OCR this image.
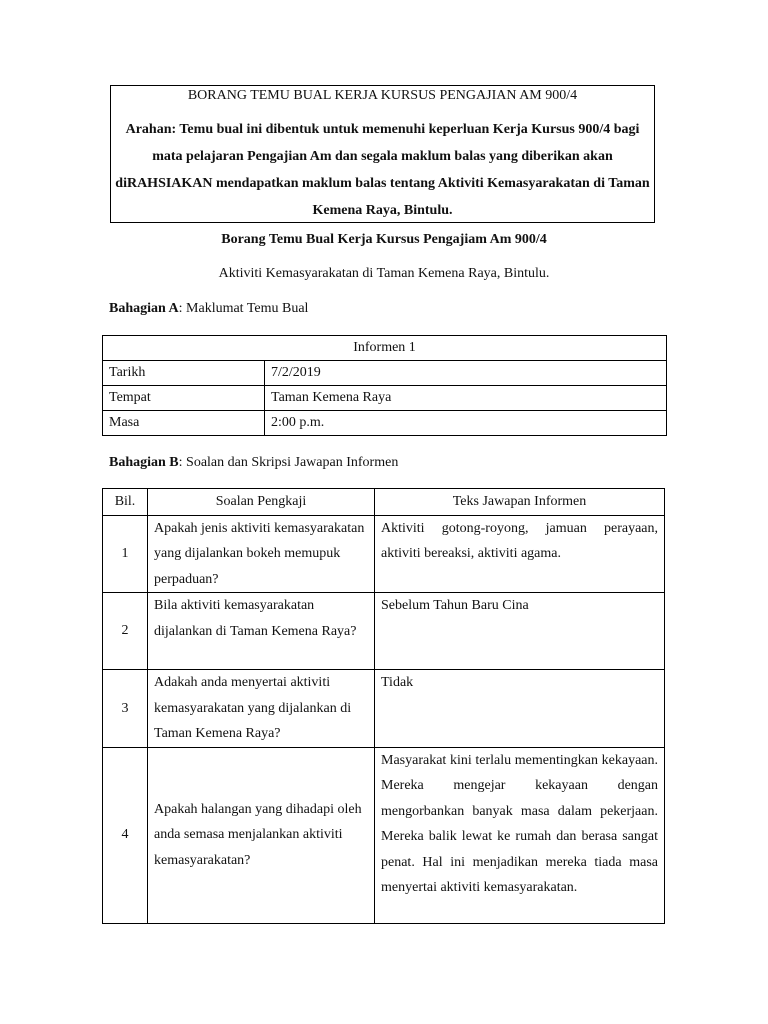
BORANG TEMU BUAL KERJA KURSUS PENGAJIAN AM 900/4
Arahan: Temu bual ini dibentuk untuk memenuhi keperluan Kerja Kursus 900/4 bagi mata pelajaran Pengajian Am dan segala maklum balas yang diberikan akan diRAHSIAKAN mendapatkan maklum balas tentang Aktiviti Kemasyarakatan di Taman Kemena Raya, Bintulu.
Borang Temu Bual Kerja Kursus Pengajiam Am 900/4
Aktiviti Kemasyarakatan di Taman Kemena Raya, Bintulu.
Bahagian A: Maklumat Temu Bual
Informen 1	
Tarikh	7/2/2019
Tempat	Taman Kemena Raya
Masa	2:00 p.m.
Bahagian B: Soalan dan Skripsi Jawapan Informen
Bil.	Soalan Pengkaji	Teks Jawapan Informen
1	Apakah jenis aktiviti kemasyarakatan yang dijalankan bokeh memupuk perpaduan?	Aktiviti gotong-royong, jamuan perayaan, aktiviti bereaksi, aktiviti agama.
2	Bila aktiviti kemasyarakatan dijalankan di Taman Kemena Raya?	Sebelum Tahun Baru Cina
3	Adakah anda menyertai aktiviti kemasyarakatan yang dijalankan di Taman Kemena Raya?	Tidak
4	Apakah halangan yang dihadapi oleh anda semasa menjalankan aktiviti kemasyarakatan?	Masyarakat kini terlalu mementingkan kekayaan. Mereka mengejar kekayaan dengan mengorbankan banyak masa dalam pekerjaan. Mereka balik lewat ke rumah dan berasa sangat penat. Hal ini menjadikan mereka tiada masa menyertai aktiviti kemasyarakatan.
